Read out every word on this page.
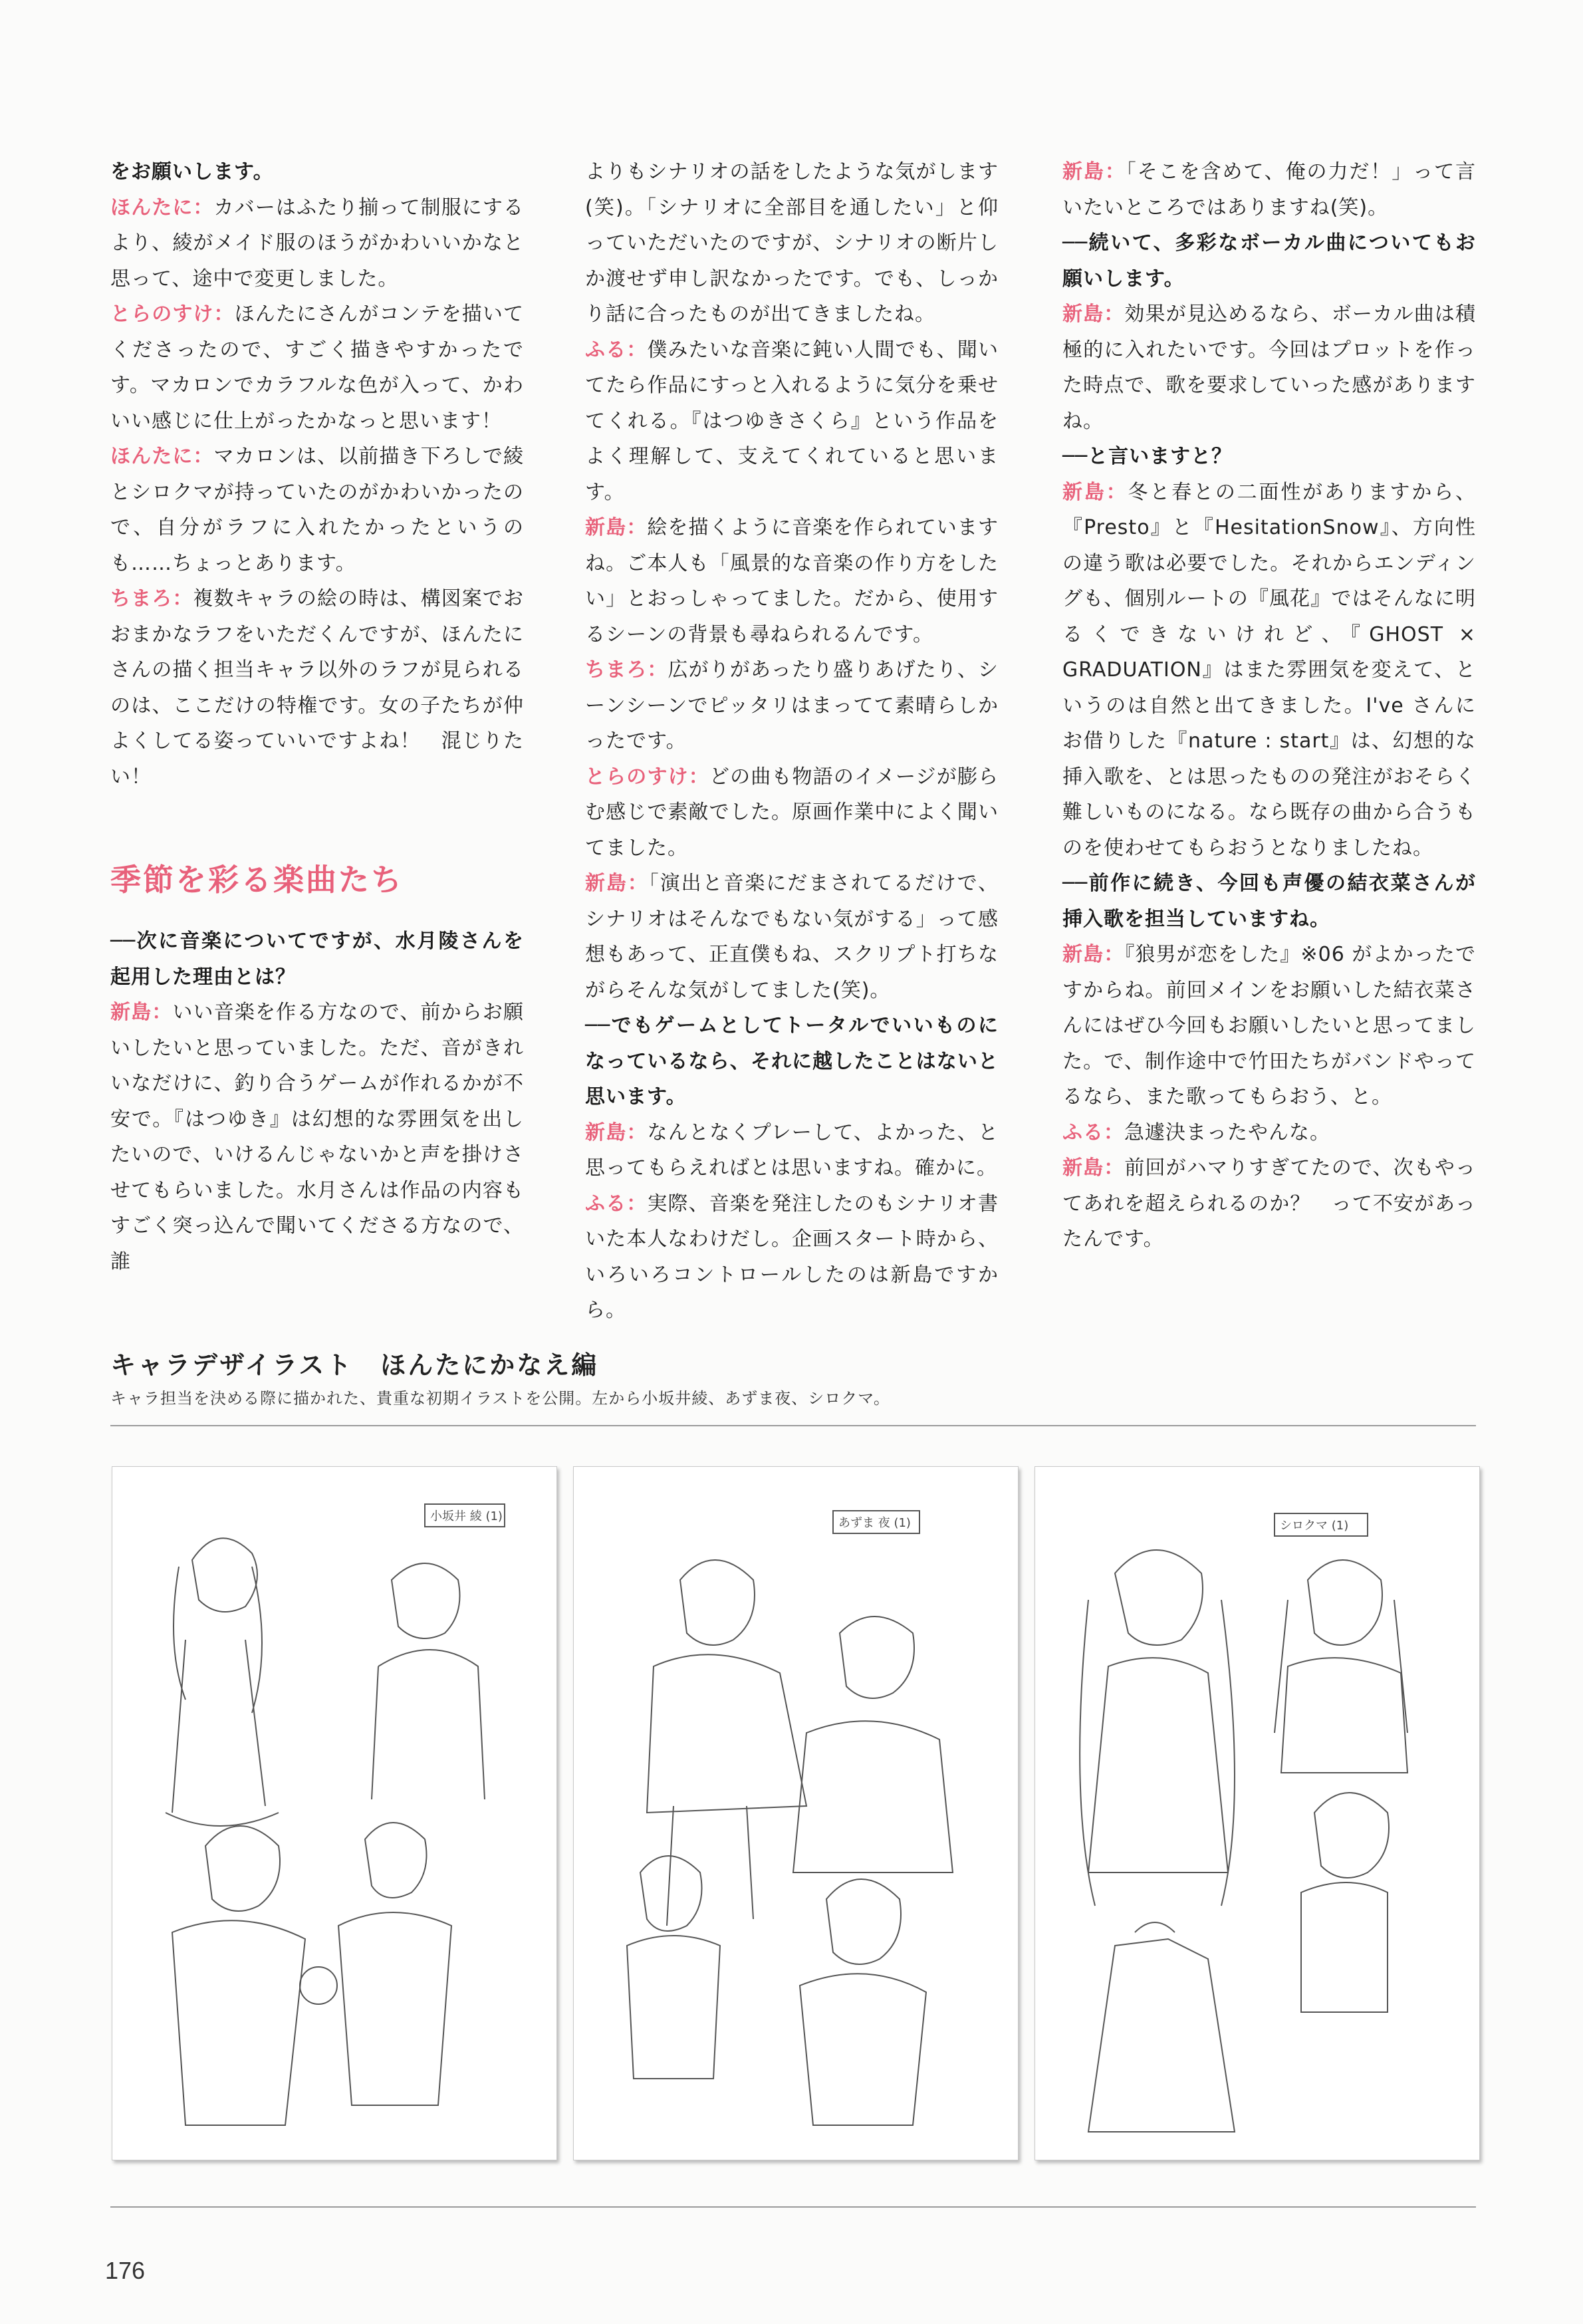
をお願いします。

ほんたに：カバーはふたり揃って制服にするより、綾がメイド服のほうがかわいいかなと思って、途中で変更しました。

とらのすけ：ほんたにさんがコンテを描いてくださったので、すごく描きやすかったです。マカロンでカラフルな色が入って、かわいい感じに仕上がったかなっと思います！

ほんたに：マカロンは、以前描き下ろしで綾とシロクマが持っていたのがかわいかったので、自分がラフに入れたかったというのも……ちょっとあります。

ちまろ：複数キャラの絵の時は、構図案でおおまかなラフをいただくんですが、ほんたにさんの描く担当キャラ以外のラフが見られるのは、ここだけの特権です。女の子たちが仲よくしてる姿っていいですよね！　混じりたい！

季節を彩る楽曲たち

──次に音楽についてですが、水月陵さんを起用した理由とは？

新島：いい音楽を作る方なので、前からお願いしたいと思っていました。ただ、音がきれいなだけに、釣り合うゲームが作れるかが不安で。『はつゆき』は幻想的な雰囲気を出したいので、いけるんじゃないかと声を掛けさせてもらいました。水月さんは作品の内容もすごく突っ込んで聞いてくださる方なので、誰

よりもシナリオの話をしたような気がします(笑)。「シナリオに全部目を通したい」と仰っていただいたのですが、シナリオの断片しか渡せず申し訳なかったです。でも、しっかり話に合ったものが出てきましたね。

ふる：僕みたいな音楽に鈍い人間でも、聞いてたら作品にすっと入れるように気分を乗せてくれる。『はつゆきさくら』という作品をよく理解して、支えてくれていると思います。

新島：絵を描くように音楽を作られていますね。ご本人も「風景的な音楽の作り方をしたい」とおっしゃってました。だから、使用するシーンの背景も尋ねられるんです。

ちまろ：広がりがあったり盛りあげたり、シーンシーンでピッタリはまってて素晴らしかったです。

とらのすけ：どの曲も物語のイメージが膨らむ感じで素敵でした。原画作業中によく聞いてました。

新島：「演出と音楽にだまされてるだけで、シナリオはそんなでもない気がする」って感想もあって、正直僕もね、スクリプト打ちながらそんな気がしてました(笑)。

──でもゲームとしてトータルでいいものになっているなら、それに越したことはないと思います。

新島：なんとなくプレーして、よかった、と思ってもらえればとは思いますね。確かに。

ふる：実際、音楽を発注したのもシナリオ書いた本人なわけだし。企画スタート時から、いろいろコントロールしたのは新島ですから。

新島：「そこを含めて、俺の力だ！」って言いたいところではありますね(笑)。

──続いて、多彩なボーカル曲についてもお願いします。

新島：効果が見込めるなら、ボーカル曲は積極的に入れたいです。今回はプロットを作った時点で、歌を要求していった感があります ね。

──と言いますと？

新島：冬と春との二面性がありますから、『Presto』と『HesitationSnow』、方向性の違う歌は必要でした。それからエンディングも、個別ルートの『風花』ではそんなに明るくできないけれど、『GHOST × GRADUATION』はまた雰囲気を変えて、というのは自然と出てきました。I've さんにお借りした『nature : start』は、幻想的な挿入歌を、とは思ったものの発注がおそらく難しいものになる。なら既存の曲から合うものを使わせてもらおうとなりましたね。

──前作に続き、今回も声優の結衣菜さんが挿入歌を担当していますね。

新島：『狼男が恋をした』※06 がよかったですからね。前回メインをお願いした結衣菜さんにはぜひ今回もお願いしたいと思ってました。で、制作途中で竹田たちがバンドやってるなら、また歌ってもらおう、と。

ふる：急遽決まったやんな。

新島：前回がハマりすぎてたので、次もやってあれを超えられるのか？　って不安があったんです。

キャラデザイラスト　ほんたにかなえ編
キャラ担当を決める際に描かれた、貴重な初期イラストを公開。左から小坂井綾、あずま夜、シロクマ。
小坂井 綾 (1)	あずま 夜 (1)	シロクマ (1)
176
